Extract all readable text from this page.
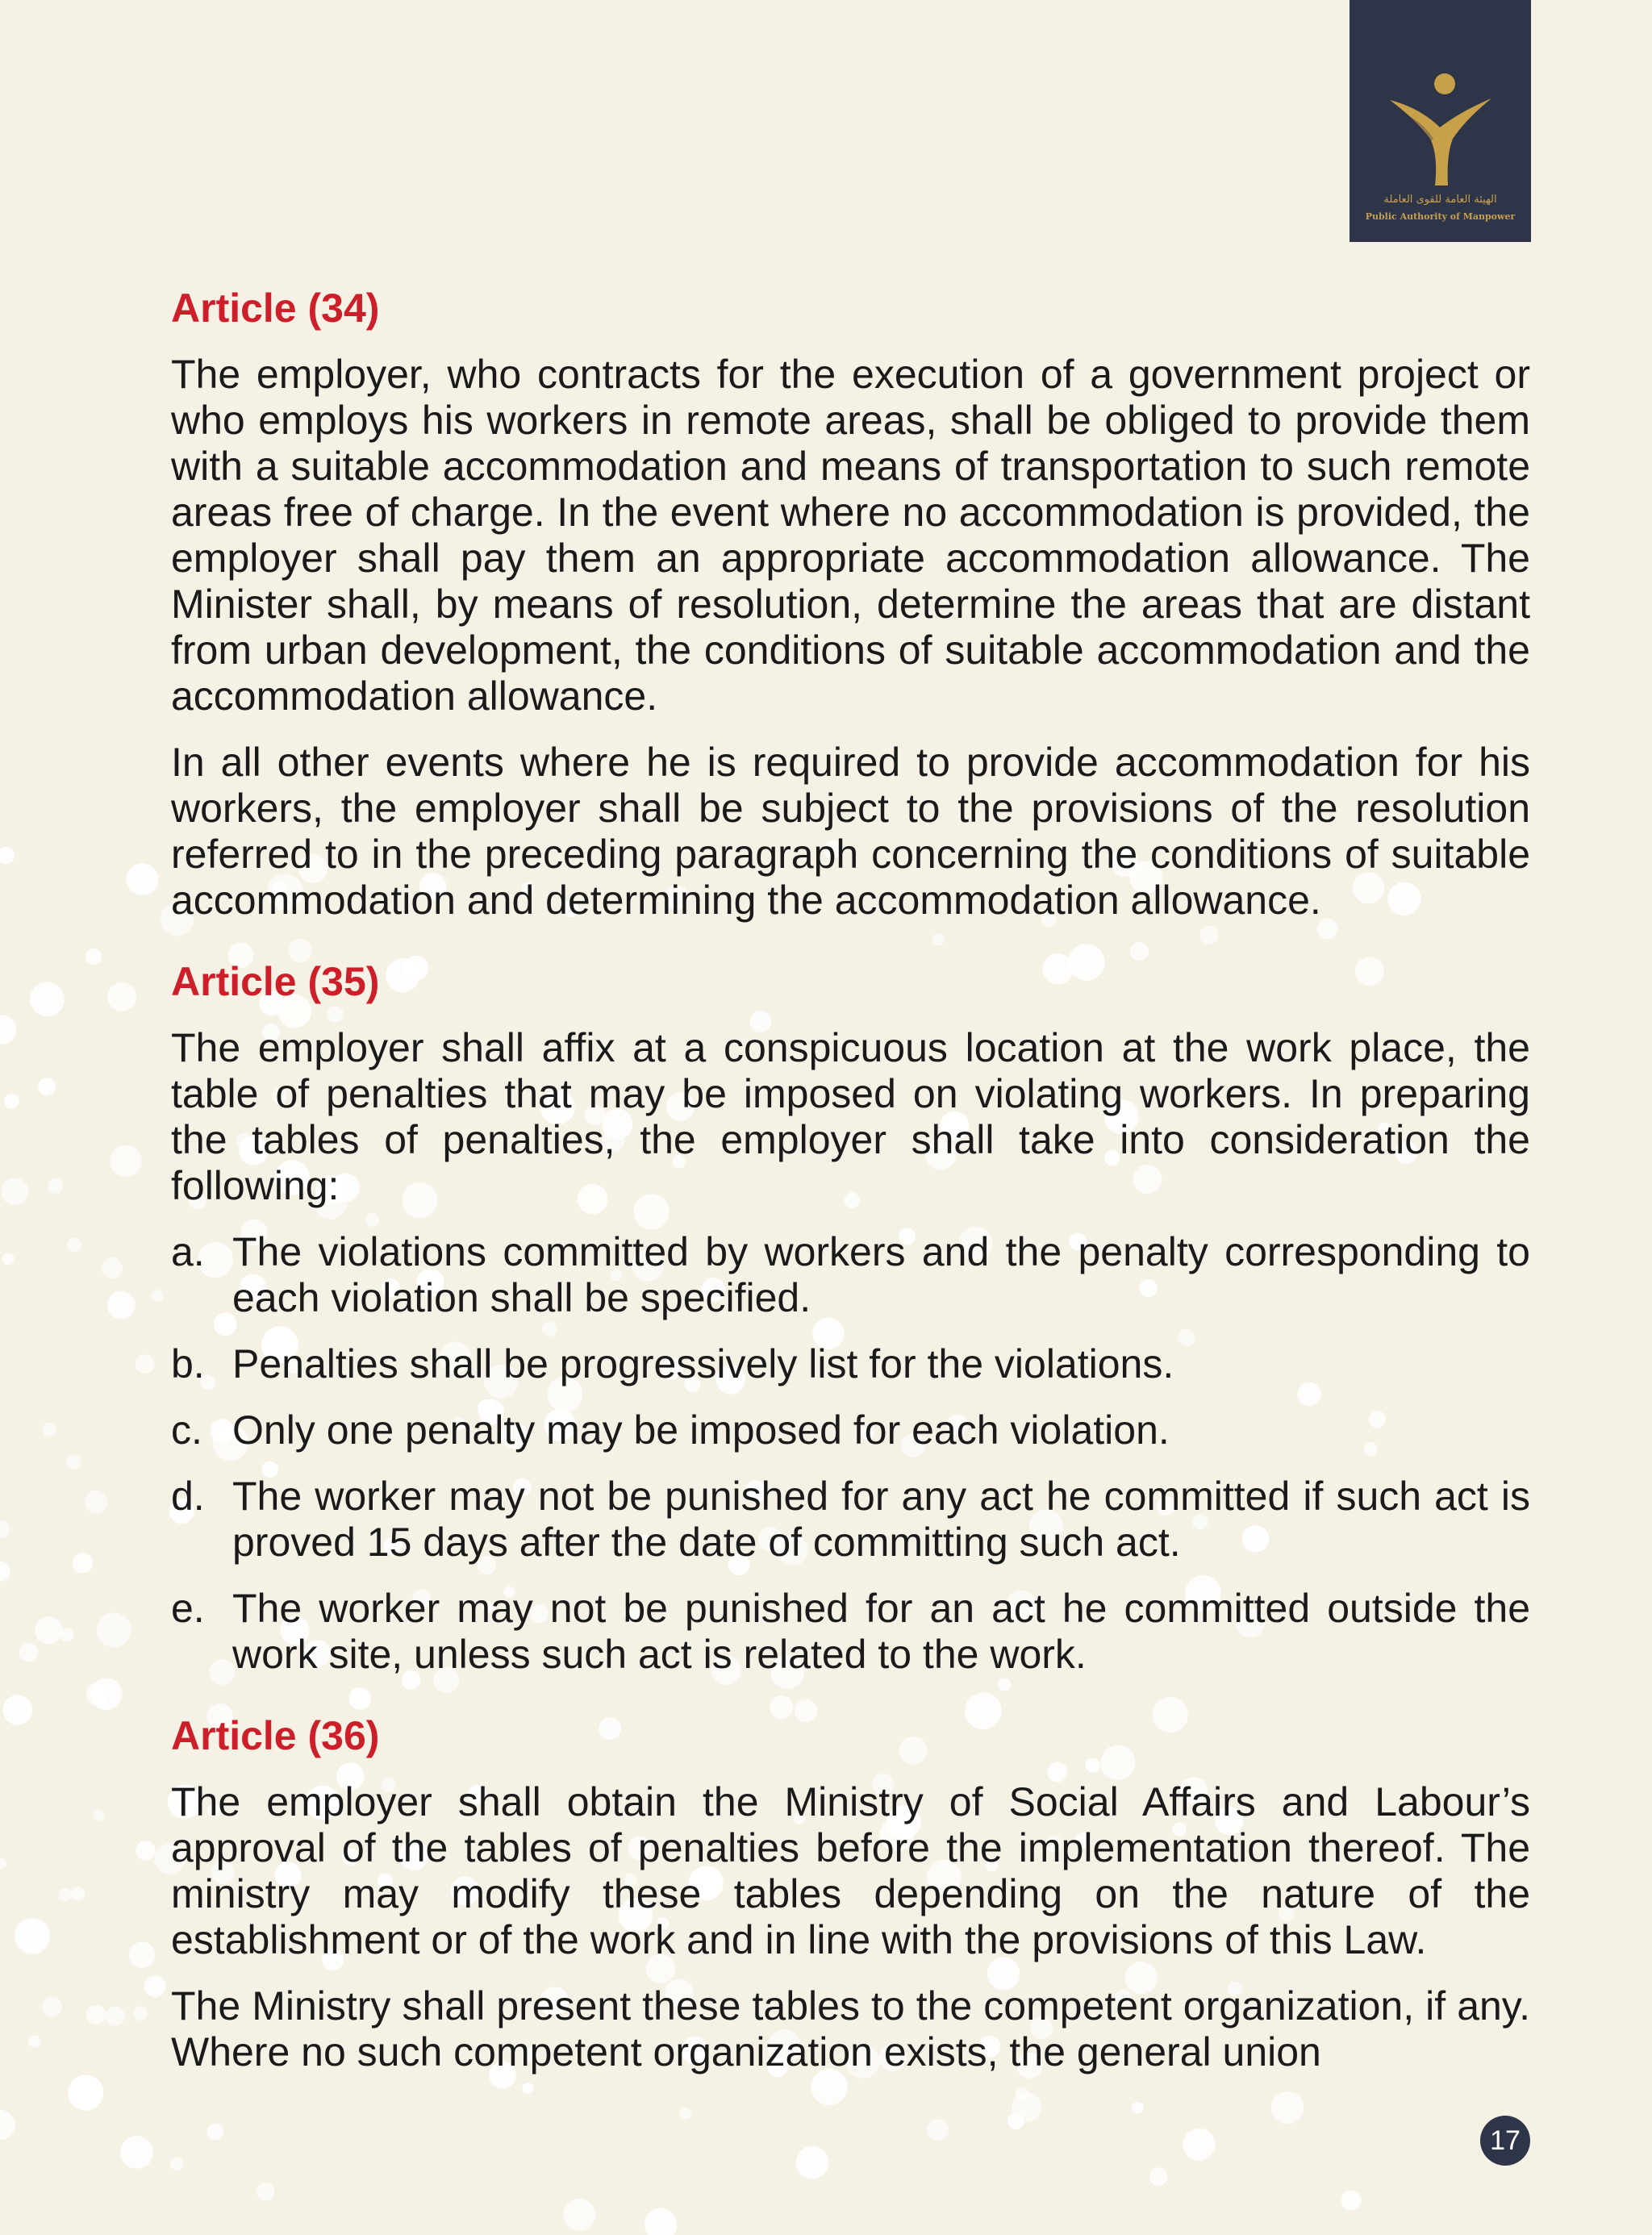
الهيئة العامة للقوى العاملة
Public Authority of Manpower
Article (34)

The employer, who contracts for the execution of a government project or who employs his workers in remote areas, shall be obliged to provide them with a suitable accommodation and means of transportation to such remote areas free of charge. In the event where no accommodation is provided, the employer shall pay them an appropriate accommodation allowance. The Minister shall, by means of resolution, determine the areas that are distant from urban development, the conditions of suitable accommodation and the accommodation allowance.

In all other events where he is required to provide accommodation for his workers, the employer shall be subject to the provisions of the resolution referred to in the preceding paragraph concerning the conditions of suitable accommodation and determining the accommodation allowance.

Article (35)

The employer shall affix at a conspicuous location at the work place, the table of penalties that may be imposed on violating workers. In preparing the tables of penalties, the employer shall take into consideration the following:

a. The violations committed by workers and the penalty corresponding to each violation shall be specified.
b. Penalties shall be progressively list for the violations.
c. Only one penalty may be imposed for each violation.
d. The worker may not be punished for any act he committed if such act is proved 15 days after the date of committing such act.
e. The worker may not be punished for an act he committed outside the work site, unless such act is related to the work.
Article (36)

The employer shall obtain the Ministry of Social Affairs and Labour’s approval of the tables of penalties before the implementation thereof. The ministry may modify these tables depending on the nature of the establishment or of the work and in line with the provisions of this Law.

The Ministry shall present these tables to the competent organization, if any. Where no such competent organization exists, the general union

17
